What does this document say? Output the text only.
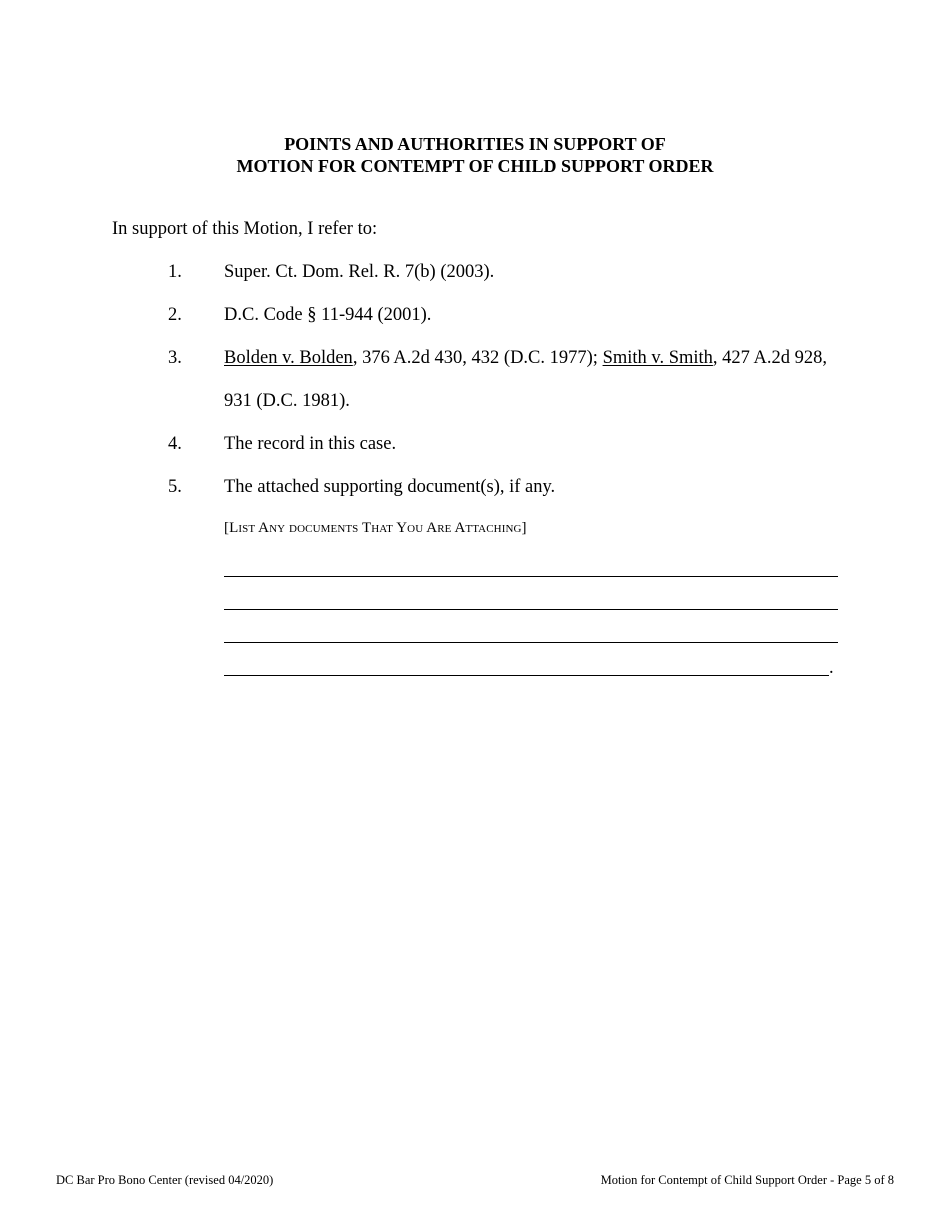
POINTS AND AUTHORITIES IN SUPPORT OF
MOTION FOR CONTEMPT OF CHILD SUPPORT ORDER
In support of this Motion, I refer to:
1. Super. Ct. Dom. Rel. R. 7(b) (2003).
2. D.C. Code § 11-944 (2001).
3. Bolden v. Bolden, 376 A.2d 430, 432 (D.C. 1977); Smith v. Smith, 427 A.2d 928,
931 (D.C. 1981).
4. The record in this case.
5. The attached supporting document(s), if any.
[List Any documents That You Are Attaching]
.
DC Bar Pro Bono Center (revised 04/2020)	Motion for Contempt of Child Support Order - Page 5 of 8
